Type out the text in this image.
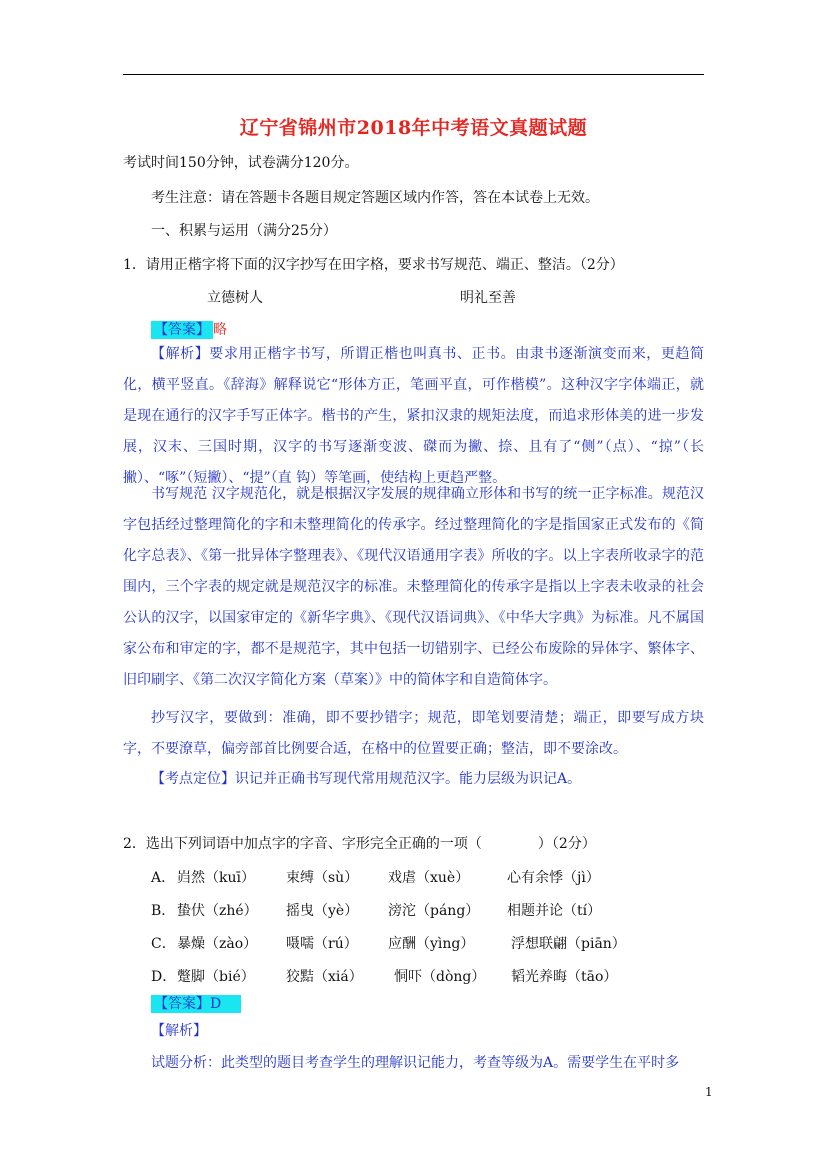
辽宁省锦州市2018年中考语文真题试题
考试时间150分钟，试卷满分120分。
考生注意：请在答题卡各题目规定答题区域内作答，答在本试卷上无效。
一、积累与运用（满分25分）
1．请用正楷字将下面的汉字抄写在田字格，要求书写规范、端正、整洁。（2分）
立德树人	明礼至善
【答案】 略

【解析】要求用正楷字书写，所谓正楷也叫真书、正书。由隶书逐渐演变而来，更趋简化，横平竖直。《辞海》解释说它“形体方正，笔画平直，可作楷模”。这种汉字字体端正，就是现在通行的汉字手写正体字。楷书的产生，紧扣汉隶的规矩法度，而追求形体美的进一步发展，汉末、三国时期，汉字的书写逐渐变波、磔而为撇、捺、且有了“侧”（点）、“掠”（长撇）、“啄”（短撇）、“提”（直 钩）等笔画，使结构上更趋严整。

书写规范 汉字规范化，就是根据汉字发展的规律确立形体和书写的统一正字标准。规范汉字包括经过整理简化的字和未整理简化的传承字。经过整理简化的字是指国家正式发布的《简化字总表》、《第一批异体字整理表》、《现代汉语通用字表》所收的字。以上字表所收录字的范围内，三个字表的规定就是规范汉字的标准。未整理简化的传承字是指以上字表未收录的社会公认的汉字，以国家审定的《新华字典》、《现代汉语词典》、《中华大字典》为标准。凡不属国家公布和审定的字，都不是规范字，其中包括一切错别字、已经公布废除的异体字、繁体字、旧印刷字、《第二次汉字简化方案（草案）》中的简体字和自造简体字。

抄写汉字，要做到：准确，即不要抄错字；规范，即笔划要清楚；端正，即要写成方块字，不要潦草，偏旁部首比例要合适，在格中的位置要正确；整洁，即不要涂改。

【考点定位】识记并正确书写现代常用规范汉字。能力层级为识记A。
2．选出下列词语中加点字的字音、字形完全正确的一项（　　　　）（2分）
A． 岿然（kuī） 束缚（sù） 戏虐（xuè）	心有余悸（jì）
B． 蛰伏（zhé） 摇曳（yè） 滂沱（páng） 相题并论（tí）
C． 暴燥（zào） 嗫嚅（rú） 应酬（yìng）	浮想联翩（piān）
D． 蹩脚（bié） 狡黠（xiá） 恫吓（dòng） 韬光养晦（tāo）
【答案】D
【解析】
试题分析：此类型的题目考查学生的理解识记能力，考查等级为A。需要学生在平时多
1
